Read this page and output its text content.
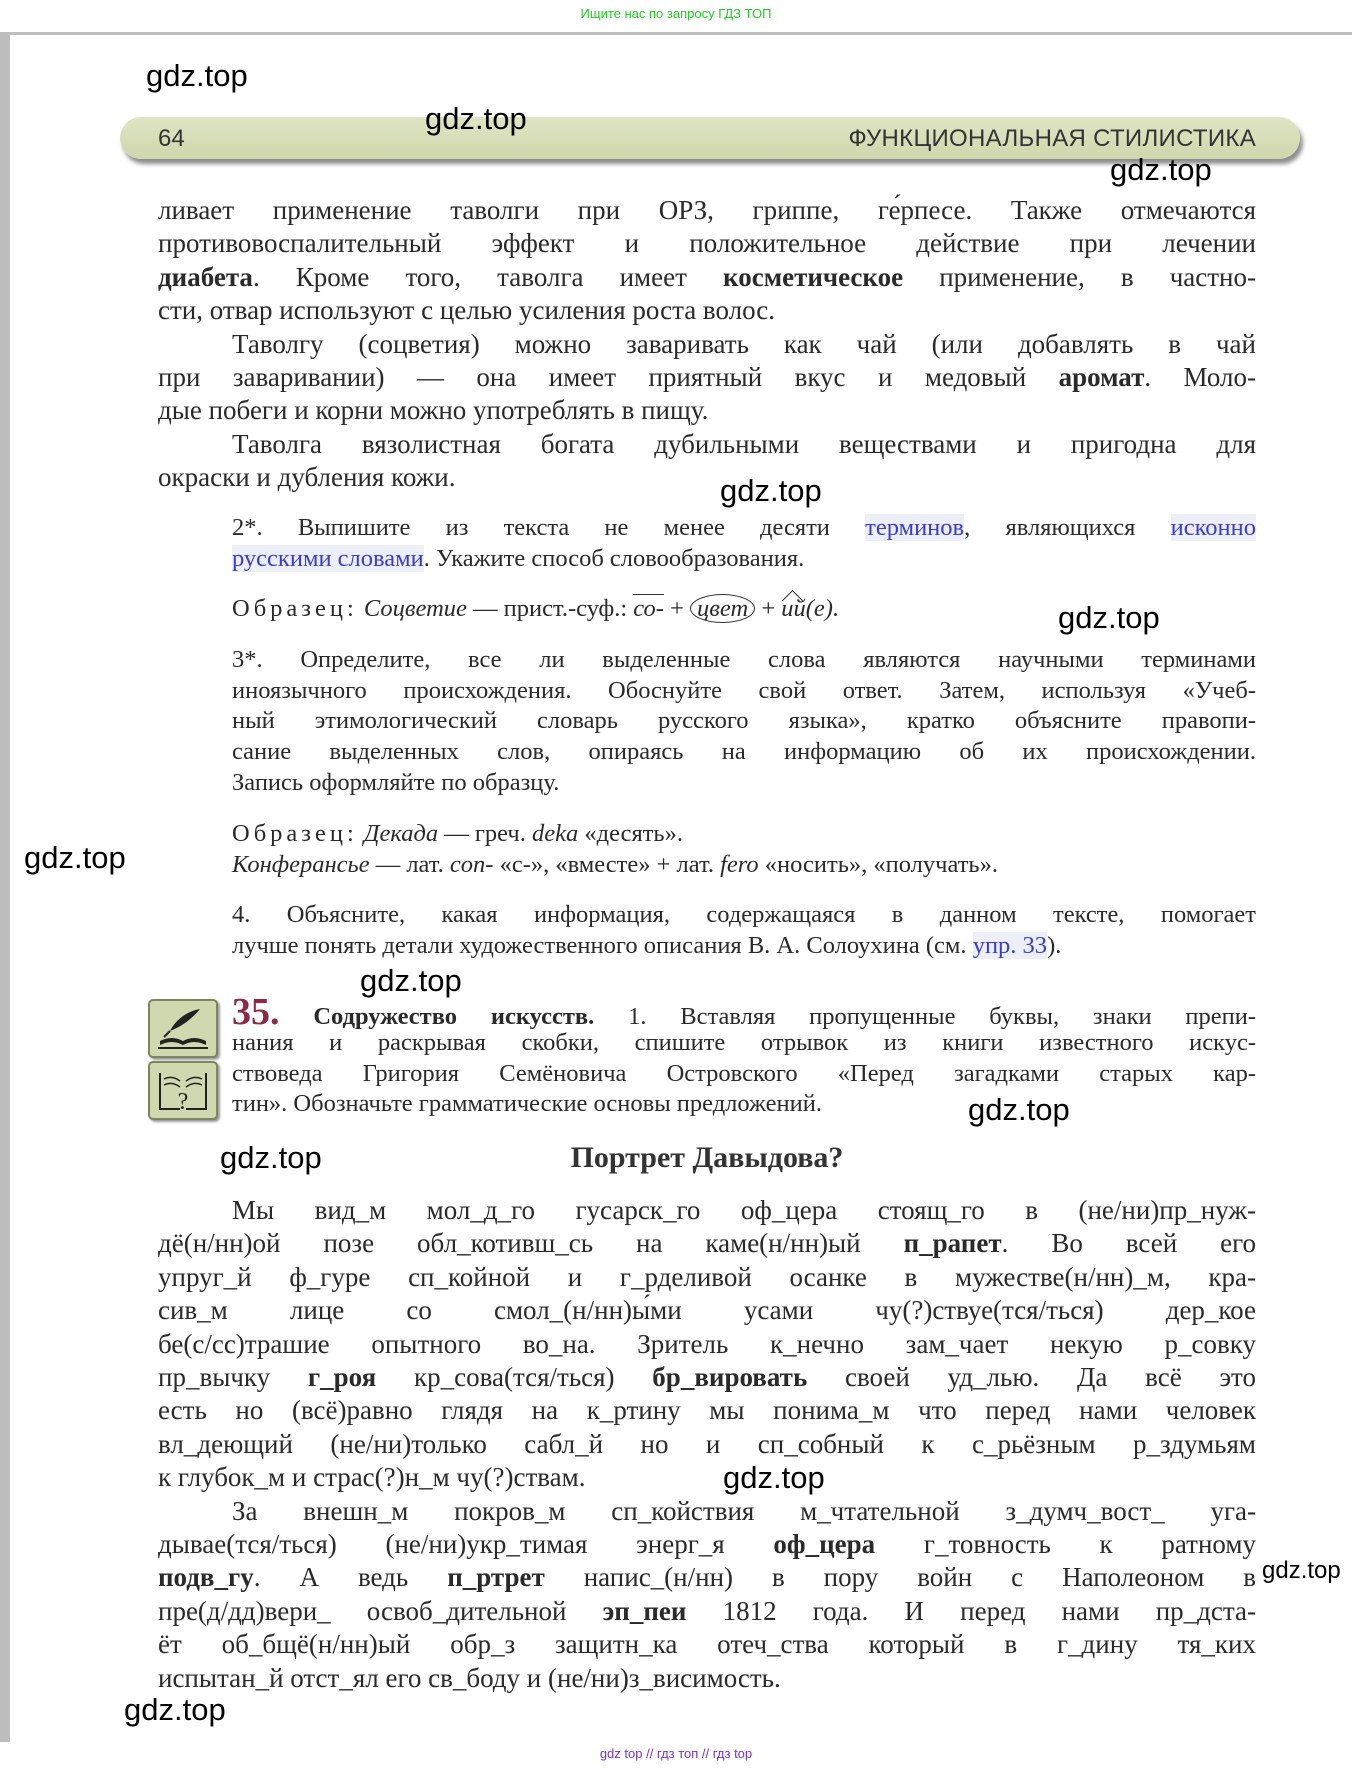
Ищите нас по запросу ГДЗ ТОП
64	ФУНКЦИОНАЛЬНАЯ СТИЛИСТИКА
ливает применение таволги при ОРЗ, гриппе, ге́рпесе. Также отмечаются
противовоспалительный эффект и положительное действие при лечении
диабета. Кроме того, таволга имеет косметическое применение, в частно-
сти, отвар используют с целью усиления роста волос.
Таволгу (соцветия) можно заваривать как чай (или добавлять в чай
при заваривании) — она имеет приятный вкус и медовый аромат. Моло-
дые побеги и корни можно употреблять в пищу.
Таволга вязолистная богата дубильными веществами и пригодна для
окраски и дубления кожи.
2*. Выпишите из текста не менее десяти терминов, являющихся исконно
русскими словами. Укажите способ словообразования.
Образец: Соцветие — прист.-суф.: со- + цвет + ий(е).
3*. Определите, все ли выделенные слова являются научными терминами
иноязычного происхождения. Обоснуйте свой ответ. Затем, используя «Учеб-
ный этимологический словарь русского языка», кратко объясните правопи-
сание выделенных слов, опираясь на информацию об их происхождении.
Запись оформляйте по образцу.
Образец: Декада — греч. deka «десять».
Конферансье — лат. con- «с-», «вместе» + лат. fero «носить», «получать».
4. Объясните, какая информация, содержащаяся в данном тексте, помогает
лучше понять детали художественного описания В. А. Солоухина (см. упр. 33).
35. Содружество искусств. 1. Вставляя пропущенные буквы, знаки препи-
нания и раскрывая скобки, спишите отрывок из книги известного искус-
ствоведа Григория Семёновича Островского «Перед загадками старых кар-
тин». Обозначьте грамматические основы предложений.
Мы вид_м мол_д_го гусарск_го оф_цера стоящ_го в (не/ни)пр_нуж-
дё(н/нн)ой позе обл_котивш_сь на каме(н/нн)ый п_рапет. Во всей его
упруг_й ф_гуре сп_койной и г_рделивой осанке в мужестве(н/нн)_м, кра-
сив_м лице со смол_(н/нн)ы́ми усами чу(?)ствуе(тся/ться) дер_кое
бе(с/сс)трашие опытного во_на. Зритель к_нечно зам_чает некую р_совку
пр_вычку г_роя кр_сова(тся/ться) бр_вировать своей уд_лью. Да всё это
есть но (всё)равно глядя на к_ртину мы понима_м что перед нами человек
вл_деющий (не/ни)только сабл_й но и сп_собный к с_рьёзным р_здумьям
к глубок_м и страс(?)н_м чу(?)ствам.
За внешн_м покров_м сп_койствия м_чтательной з_думч_вост_ уга-
дывае(тся/ться) (не/ни)укр_тимая энерг_я оф_цера г_товность к ратному
подв_гу. А ведь п_ртрет напис_(н/нн) в пору войн с Наполеоном в
пре(д/дд)вери_ освоб_дительной эп_пеи 1812 года. И перед нами пр_дста-
ёт об_бщё(н/нн)ый обр_з защитн_ка отеч_ства который в г_дину тя_ких
испытан_й отст_ял его св_боду и (не/ни)з_висимость.
?
Портрет Давыдова?
gdz.top
gdz.top
gdz.top
gdz.top
gdz.top
gdz.top
gdz.top
gdz.top
gdz.top
gdz.top
gdz.top
gdz.top
gdz top // гдз топ // гдз top
